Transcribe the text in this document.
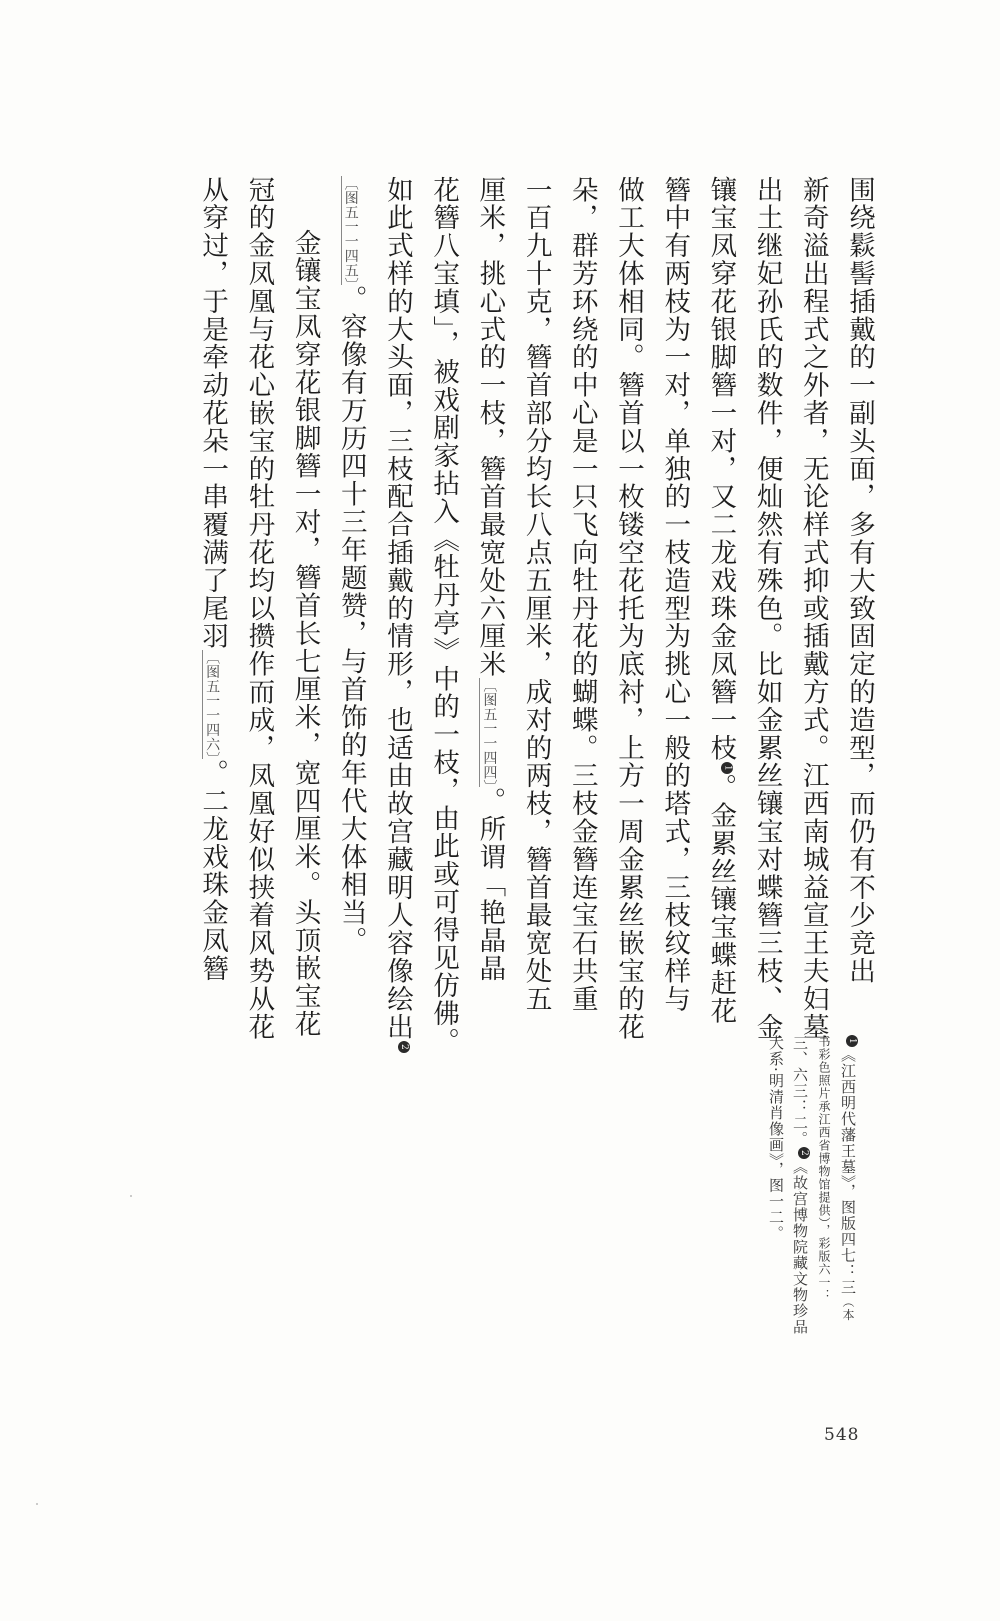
围绕鬏髻插戴的一副头面，多有大致固定的造型，而仍有不少竞出
新奇溢出程式之外者，无论样式抑或插戴方式。江西南城益宣王夫妇墓
出土继妃孙氏的数件，便灿然有殊色。比如金累丝镶宝对蝶簪三枝、金
镶宝凤穿花银脚簪一对，又二龙戏珠金凤簪一枝1。金累丝镶宝蝶赶花
簪中有两枝为一对，单独的一枝造型为挑心一般的塔式，三枝纹样与
做工大体相同。簪首以一枚镂空花托为底衬，上方一周金累丝嵌宝的花
朵，群芳环绕的中心是一只飞向牡丹花的蝴蝶。三枝金簪连宝石共重
一百九十克，簪首部分均长八点五厘米，成对的两枝，簪首最宽处五
厘米，挑心式的一枝，簪首最宽处六厘米〔图五一一四四〕。所谓「艳晶晶
花簪八宝填」，被戏剧家拈入《牡丹亭》中的一枝，由此或可得见仿佛。
如此式样的大头面，三枝配合插戴的情形，也适由故宫藏明人容像绘出2
〔图五一一四五〕。容像有万历四十三年题赞，与首饰的年代大体相当。
金镶宝凤穿花银脚簪一对，簪首长七厘米，宽四厘米。头顶嵌宝花
冠的金凤凰与花心嵌宝的牡丹花均以攒作而成，凤凰好似挟着风势从花
从穿过，于是牵动花朵一串覆满了尾羽〔图五一一四六〕。二龙戏珠金凤簪
1《江西明代藩王墓》，图版四七：三（本
书彩色照片承江西省博物馆提供），彩版六一：
三、六三：二。2《故宫博物院藏文物珍品
大系·明清肖像画》，图一二。
548
